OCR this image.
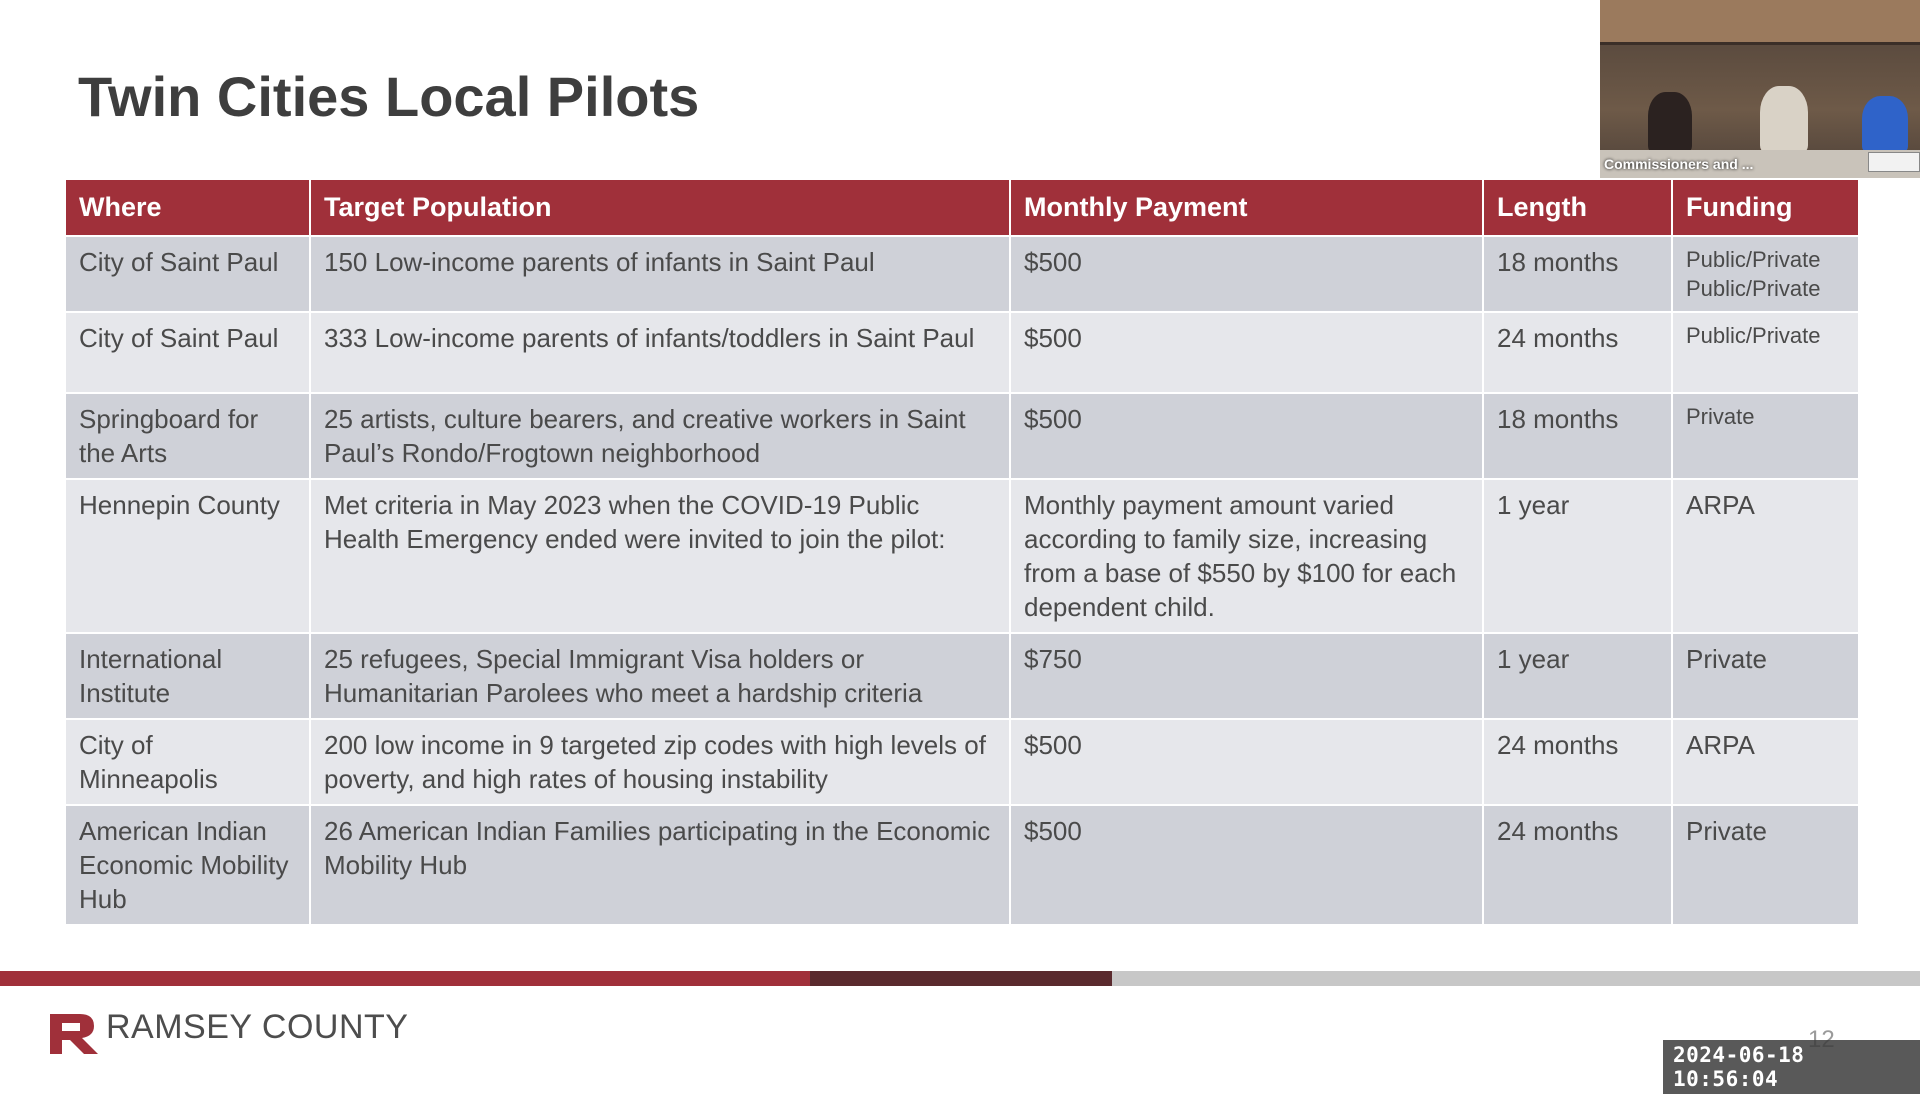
Twin Cities Local Pilots
Where	Target Population	Monthly Payment	Length	Funding
City of Saint Paul	150 Low-income parents of infants in Saint Paul	$500	18 months	Public/Private
Public/Private

City of Saint Paul	333 Low-income parents of infants/toddlers in Saint Paul	$500	24 months	Public/Private

Springboard for the Arts	25 artists, culture bearers, and creative workers in Saint Paul’s Rondo/Frogtown neighborhood	$500	18 months	Private

Hennepin County	Met criteria in May 2023 when the COVID-19 Public Health Emergency ended were invited to join the pilot:	Monthly payment amount varied according to family size, increasing from a base of $550 by $100 for each dependent child.	1 year	ARPA

International Institute	25 refugees, Special Immigrant Visa holders or Humanitarian Parolees who meet a hardship criteria	$750	1 year	Private

City of Minneapolis	200 low income in 9 targeted zip codes with high levels of poverty, and high rates of housing instability	$500	24 months	ARPA

American Indian Economic Mobility Hub	26 American Indian Families participating in the Economic Mobility Hub	$500	24 months	Private
Commissioners and ...
RAMSEY COUNTY
2024-06-18 10:56:04
